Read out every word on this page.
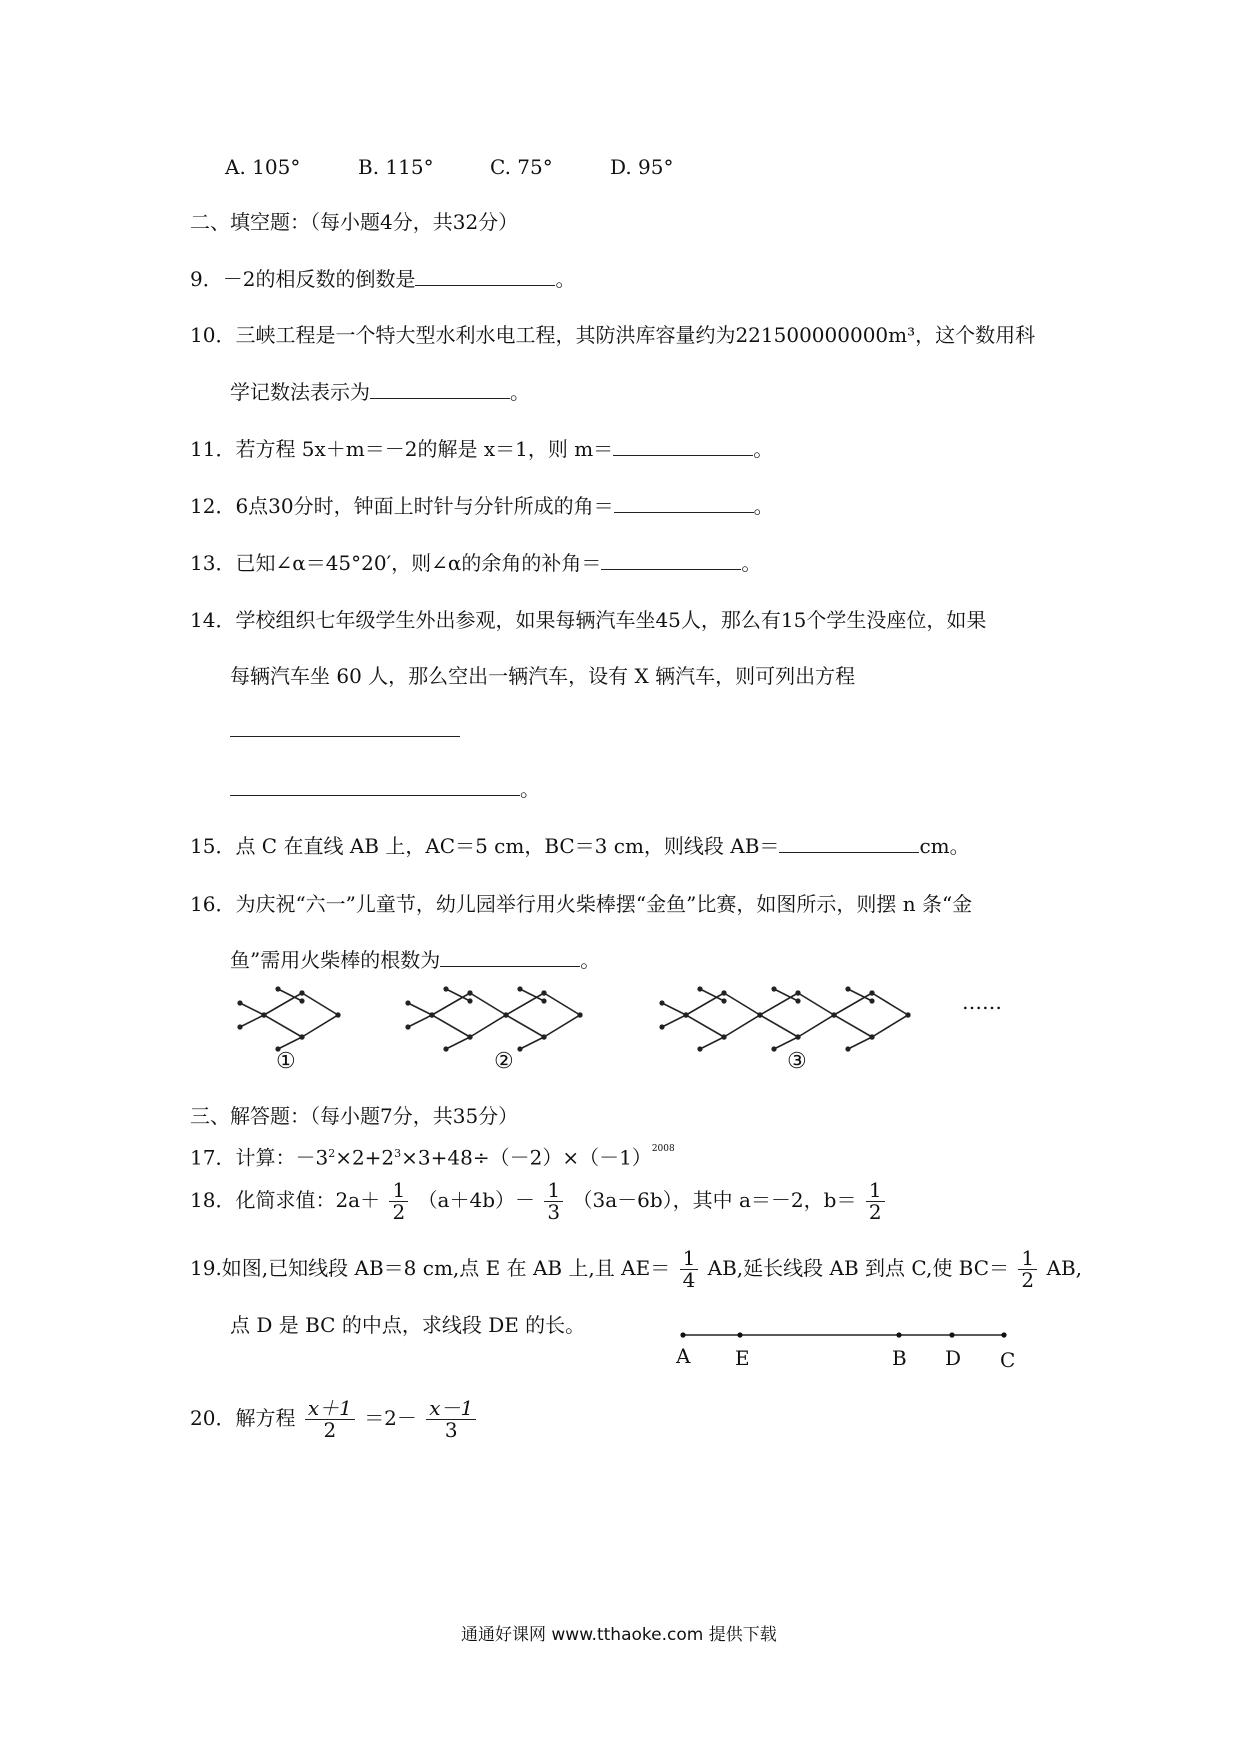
A. 105°	B. 115°	C. 75°	D. 95°
二、填空题：（每小题4分，共32分）
9．－2的相反数的倒数是	。
10．三峡工程是一个特大型水利水电工程，其防洪库容量约为221500000000m³，这个数用科
学记数法表示为	。
11．若方程 5x＋m＝－2的解是 x＝1，则 m＝	。
12．6点30分时，钟面上时针与分针所成的角＝	。
13．已知∠α＝45°20′，则∠α的余角的补角＝	。
14．学校组织七年级学生外出参观，如果每辆汽车坐45人，那么有15个学生没座位，如果
每辆汽车坐 60 人，那么空出一辆汽车，设有 X 辆汽车，则可列出方程
。
15．点 C 在直线 AB 上，AC＝5 cm，BC＝3 cm，则线段 AB＝	cm。
16．为庆祝“六一”儿童节，幼儿园举行用火柴棒摆“金鱼”比赛，如图所示，则摆 n 条“金
鱼”需用火柴棒的根数为	。
①	②	③
……
三、解答题：（每小题7分，共35分）
17．计算：$-3^2\times 2+2^3\times 3+48\div(-2)\times(-1)^{2008}$
18．化简求值：$2a+ \frac{1}{2} (a+4b)- \frac{1}{3} (3a-6b)$，其中 a＝－2，$b= \frac{1}{2}$
19.如图,已知线段 AB＝8 cm,点 E 在 AB 上,且 $AE= \frac{1}{4}$ AB,延长线段 AB 到点 C,使 $BC= \frac{1}{2}$ AB,
点 D 是 BC 的中点，求线段 DE 的长。
A E	B D C
20．解方程 $\frac{x+1}{2} =2- \frac{x-1}{3}$
通通好课网 www.tthaoke.com 提供下载
